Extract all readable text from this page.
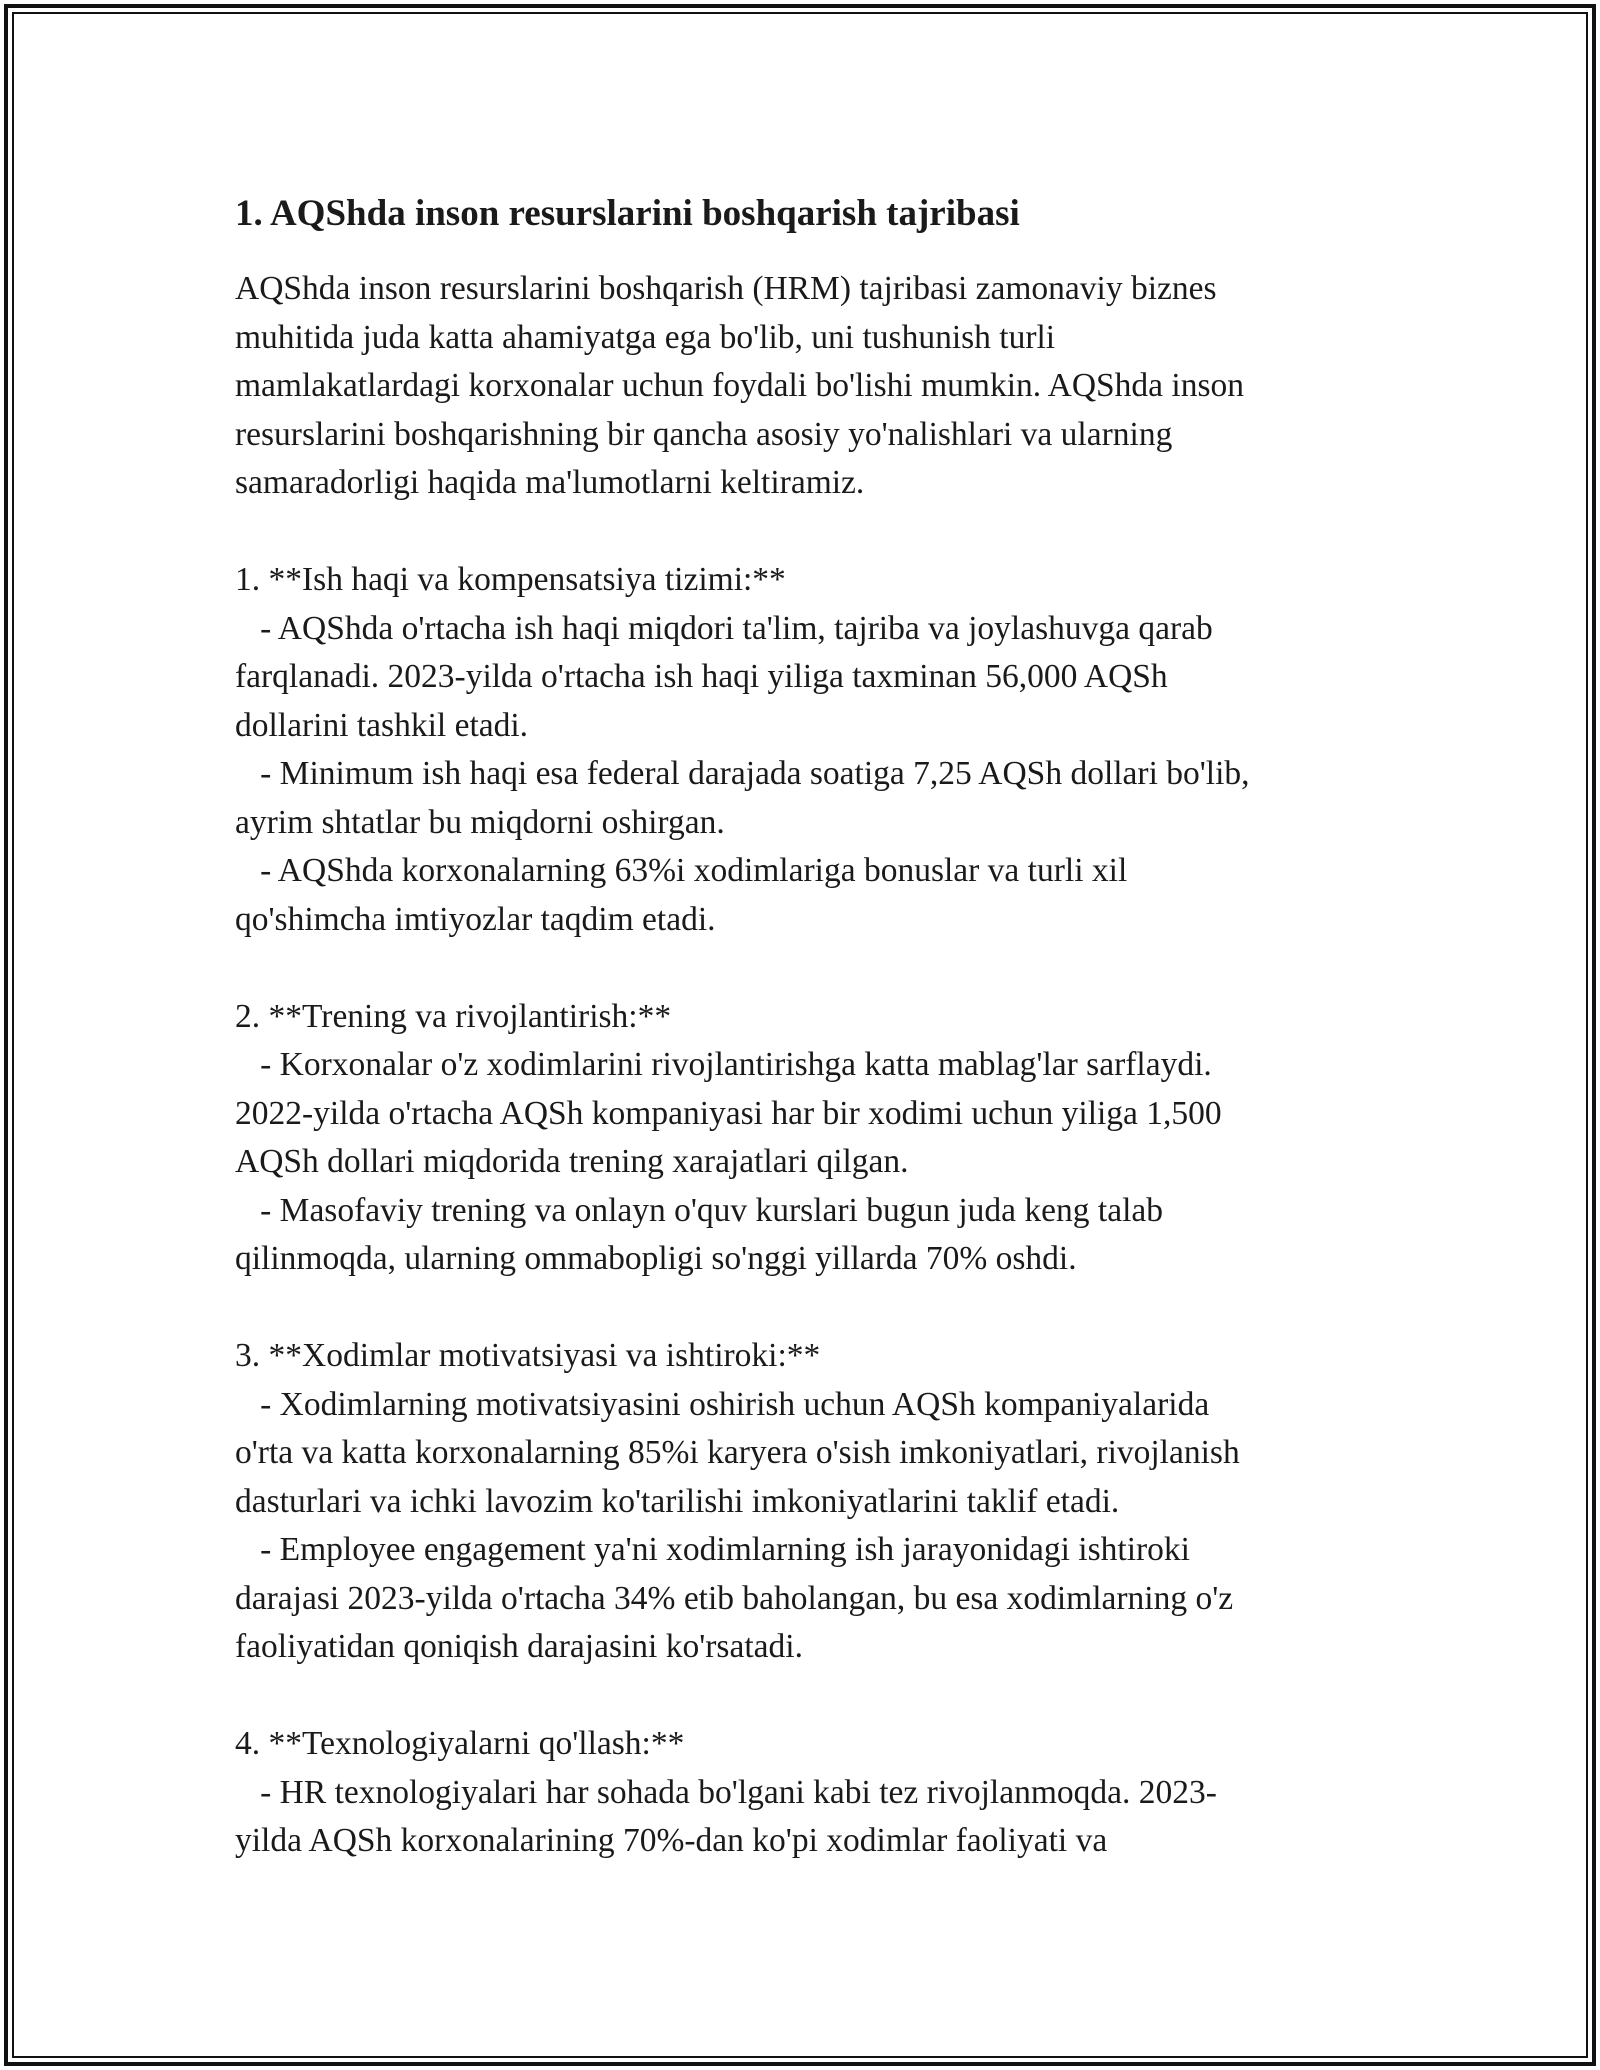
1. AQShda inson resurslarini boshqarish tajribasi
AQShda inson resurslarini boshqarish (HRM) tajribasi zamonaviy biznes
muhitida juda katta ahamiyatga ega bo'lib, uni tushunish turli
mamlakatlardagi korxonalar uchun foydali bo'lishi mumkin. AQShda inson
resurslarini boshqarishning bir qancha asosiy yo'nalishlari va ularning
samaradorligi haqida ma'lumotlarni keltiramiz.
1. **Ish haqi va kompensatsiya tizimi:**
- AQShda o'rtacha ish haqi miqdori ta'lim, tajriba va joylashuvga qarab
farqlanadi. 2023-yilda o'rtacha ish haqi yiliga taxminan 56,000 AQSh
dollarini tashkil etadi.
- Minimum ish haqi esa federal darajada soatiga 7,25 AQSh dollari bo'lib,
ayrim shtatlar bu miqdorni oshirgan.
- AQShda korxonalarning 63%i xodimlariga bonuslar va turli xil
qo'shimcha imtiyozlar taqdim etadi.
2. **Trening va rivojlantirish:**
- Korxonalar o'z xodimlarini rivojlantirishga katta mablag'lar sarflaydi.
2022-yilda o'rtacha AQSh kompaniyasi har bir xodimi uchun yiliga 1,500
AQSh dollari miqdorida trening xarajatlari qilgan.
- Masofaviy trening va onlayn o'quv kurslari bugun juda keng talab
qilinmoqda, ularning ommabopligi so'nggi yillarda 70% oshdi.
3. **Xodimlar motivatsiyasi va ishtiroki:**
- Xodimlarning motivatsiyasini oshirish uchun AQSh kompaniyalarida
o'rta va katta korxonalarning 85%i karyera o'sish imkoniyatlari, rivojlanish
dasturlari va ichki lavozim ko'tarilishi imkoniyatlarini taklif etadi.
- Employee engagement ya'ni xodimlarning ish jarayonidagi ishtiroki
darajasi 2023-yilda o'rtacha 34% etib baholangan, bu esa xodimlarning o'z
faoliyatidan qoniqish darajasini ko'rsatadi.
4. **Texnologiyalarni qo'llash:**
- HR texnologiyalari har sohada bo'lgani kabi tez rivojlanmoqda. 2023-
yilda AQSh korxonalarining 70%-dan ko'pi xodimlar faoliyati va
